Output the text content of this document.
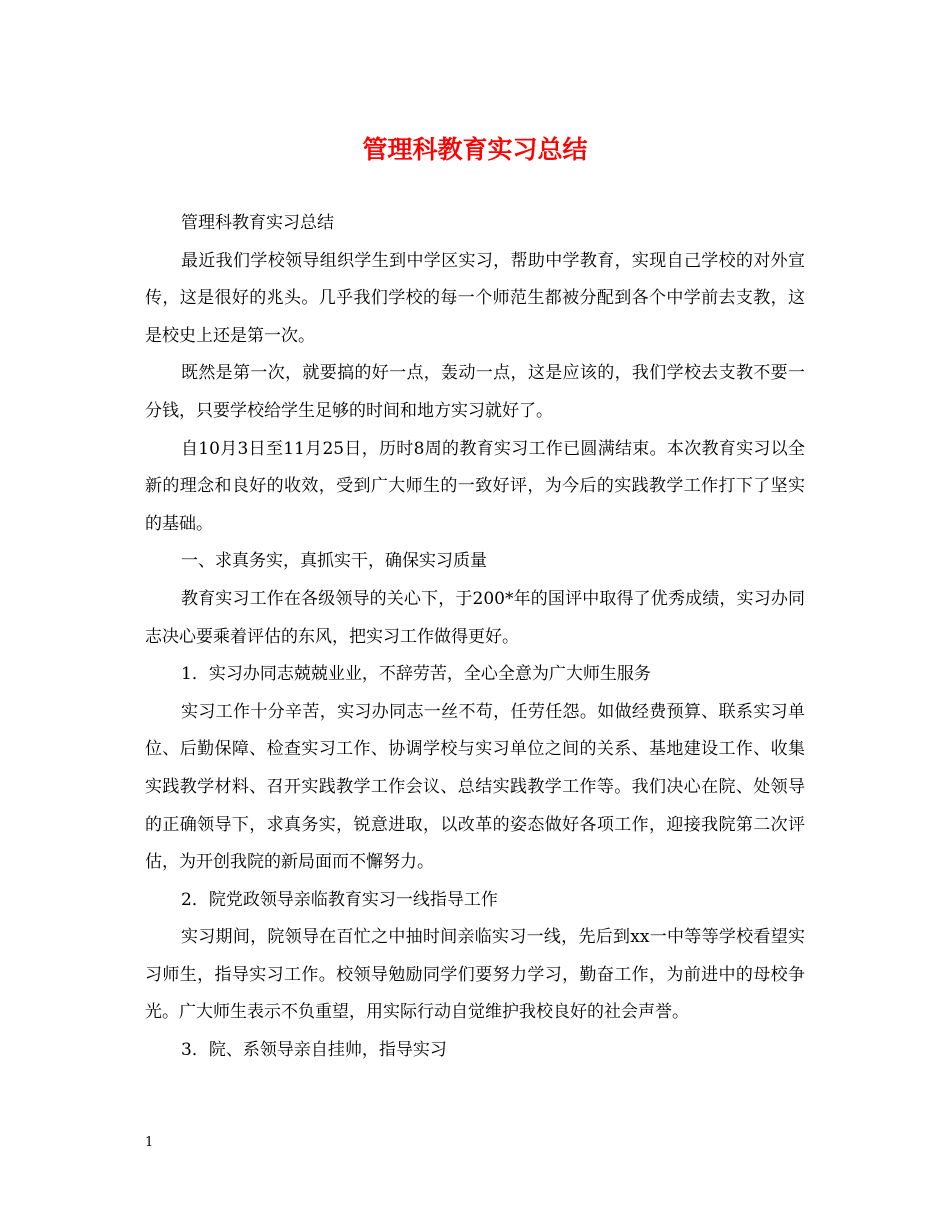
管理科教育实习总结

管理科教育实习总结

最近我们学校领导组织学生到中学区实习，帮助中学教育，实现自己学校的对外宣传，这是很好的兆头。几乎我们学校的每一个师范生都被分配到各个中学前去支教，这是校史上还是第一次。

既然是第一次，就要搞的好一点，轰动一点，这是应该的，我们学校去支教不要一分钱，只要学校给学生足够的时间和地方实习就好了。

自10月3日至11月25日，历时8周的教育实习工作已圆满结束。本次教育实习以全新的理念和良好的收效，受到广大师生的一致好评，为今后的实践教学工作打下了坚实的基础。

一、求真务实，真抓实干，确保实习质量

教育实习工作在各级领导的关心下，于200*年的国评中取得了优秀成绩，实习办同志决心要乘着评估的东风，把实习工作做得更好。

1．实习办同志兢兢业业，不辞劳苦，全心全意为广大师生服务

实习工作十分辛苦，实习办同志一丝不苟，任劳任怨。如做经费预算、联系实习单位、后勤保障、检查实习工作、协调学校与实习单位之间的关系、基地建设工作、收集实践教学材料、召开实践教学工作会议、总结实践教学工作等。我们决心在院、处领导的正确领导下，求真务实，锐意进取，以改革的姿态做好各项工作，迎接我院第二次评估，为开创我院的新局面而不懈努力。

2．院党政领导亲临教育实习一线指导工作

实习期间，院领导在百忙之中抽时间亲临实习一线，先后到xx一中等等学校看望实习师生，指导实习工作。校领导勉励同学们要努力学习，勤奋工作，为前进中的母校争光。广大师生表示不负重望，用实际行动自觉维护我校良好的社会声誉。

3．院、系领导亲自挂帅，指导实习

1
